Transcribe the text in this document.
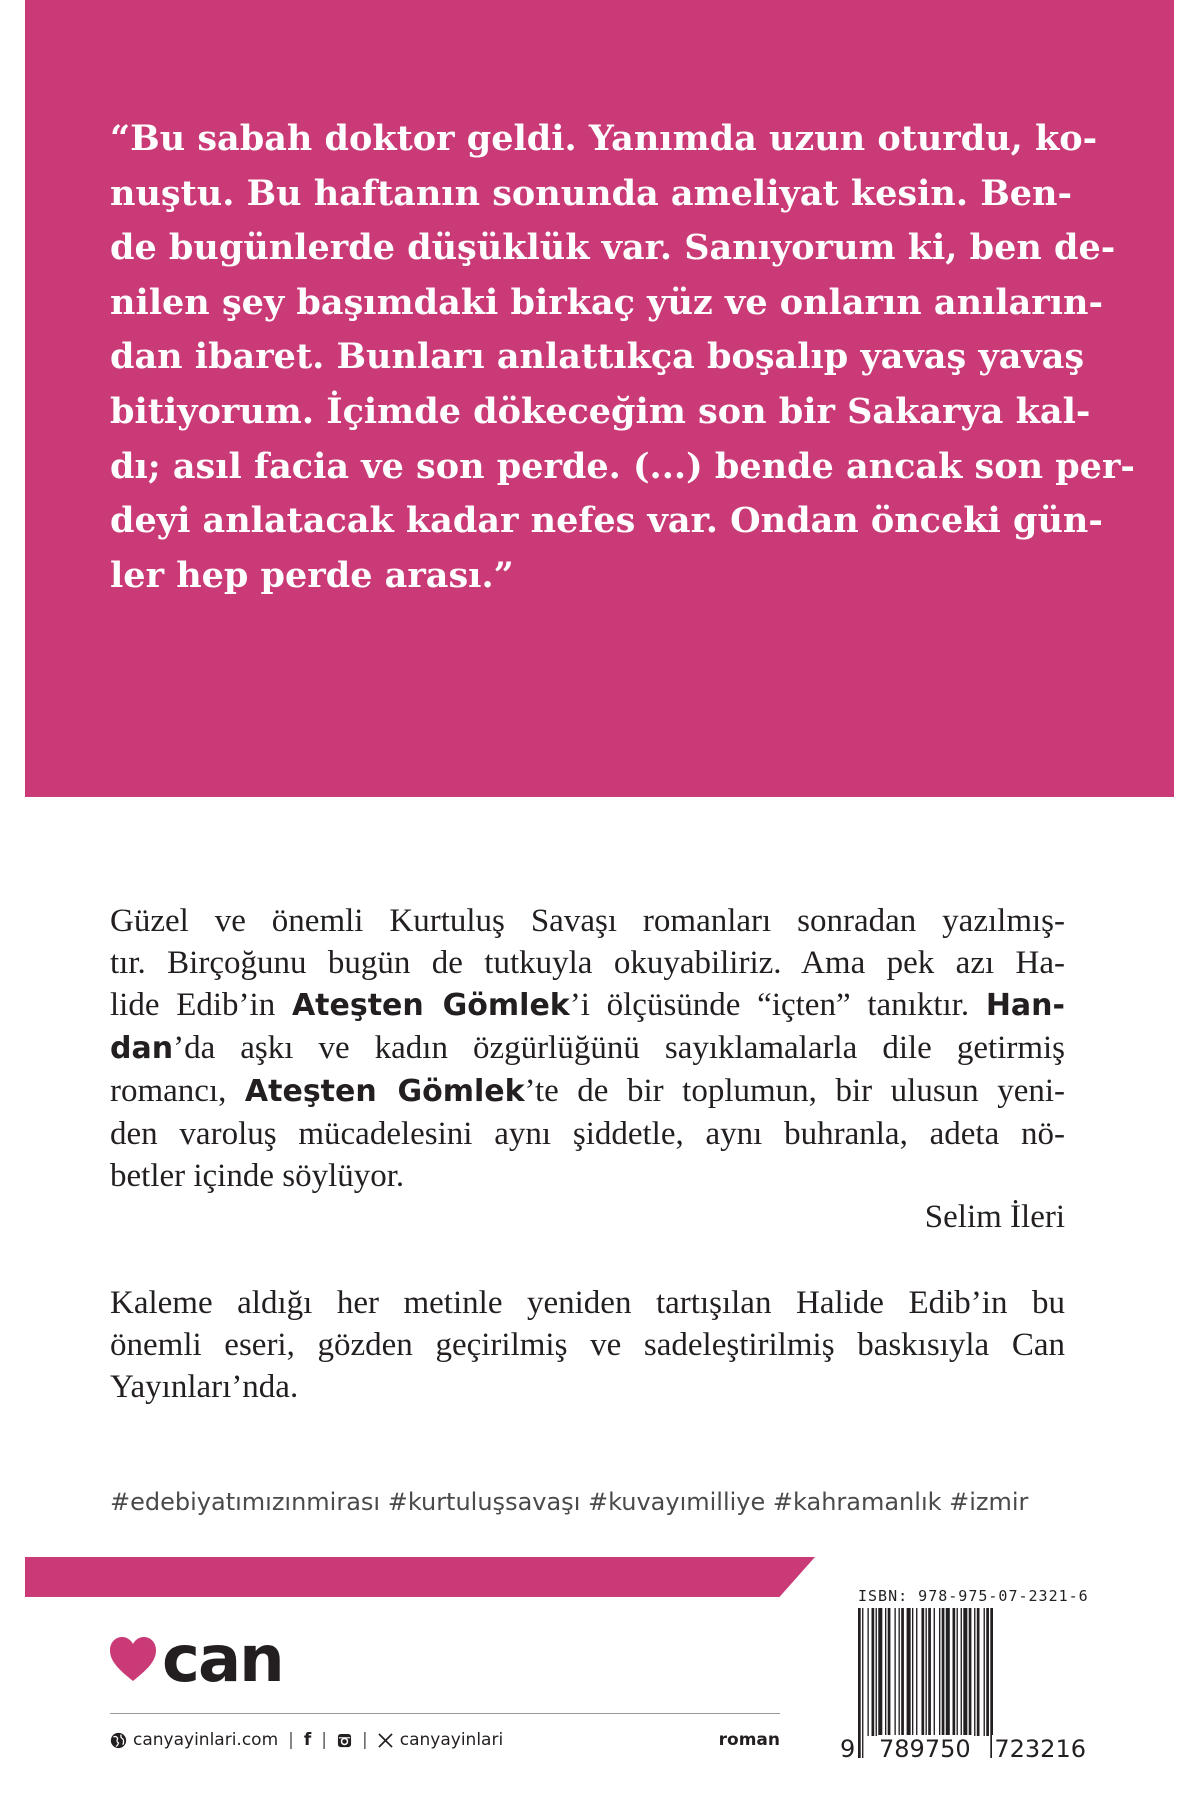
“Bu sabah doktor geldi. Yanımda uzun oturdu, ko-
nuştu. Bu haftanın sonunda ameliyat kesin. Ben-
de bugünlerde düşüklük var. Sanıyorum ki, ben de-
nilen şey başımdaki birkaç yüz ve onların anıların-
dan ibaret. Bunları anlattıkça boşalıp yavaş yavaş
bitiyorum. İçimde dökeceğim son bir Sakarya kal-
dı; asıl facia ve son perde. (...) bende ancak son per-
deyi anlatacak kadar nefes var. Ondan önceki gün-
ler hep perde arası.”
Güzel ve önemli Kurtuluş Savaşı romanları sonradan yazılmış-
tır. Birçoğunu bugün de tutkuyla okuyabiliriz. Ama pek azı Ha-
lide Edib’in Ateşten Gömlek’i ölçüsünde “içten” tanıktır. Han-
dan’da aşkı ve kadın özgürlüğünü sayıklamalarla dile getirmiş
romancı, Ateşten Gömlek’te de bir toplumun, bir ulusun yeni-
den varoluş mücadelesini aynı şiddetle, aynı buhranla, adeta nö-
betler içinde söylüyor.
Selim İleri
Kaleme aldığı her metinle yeniden tartışılan Halide Edib’in bu
önemli eseri, gözden geçirilmiş ve sadeleştirilmiş baskısıyla Can
Yayınları’nda.
#edebiyatımızınmirası #kurtuluşsavaşı #kuvayımilliye #kahramanlık #izmir
can
canyayinlari.com | f | | canyayinlari	roman
ISBN: 978-975-07-2321-6
9 789750 723216
